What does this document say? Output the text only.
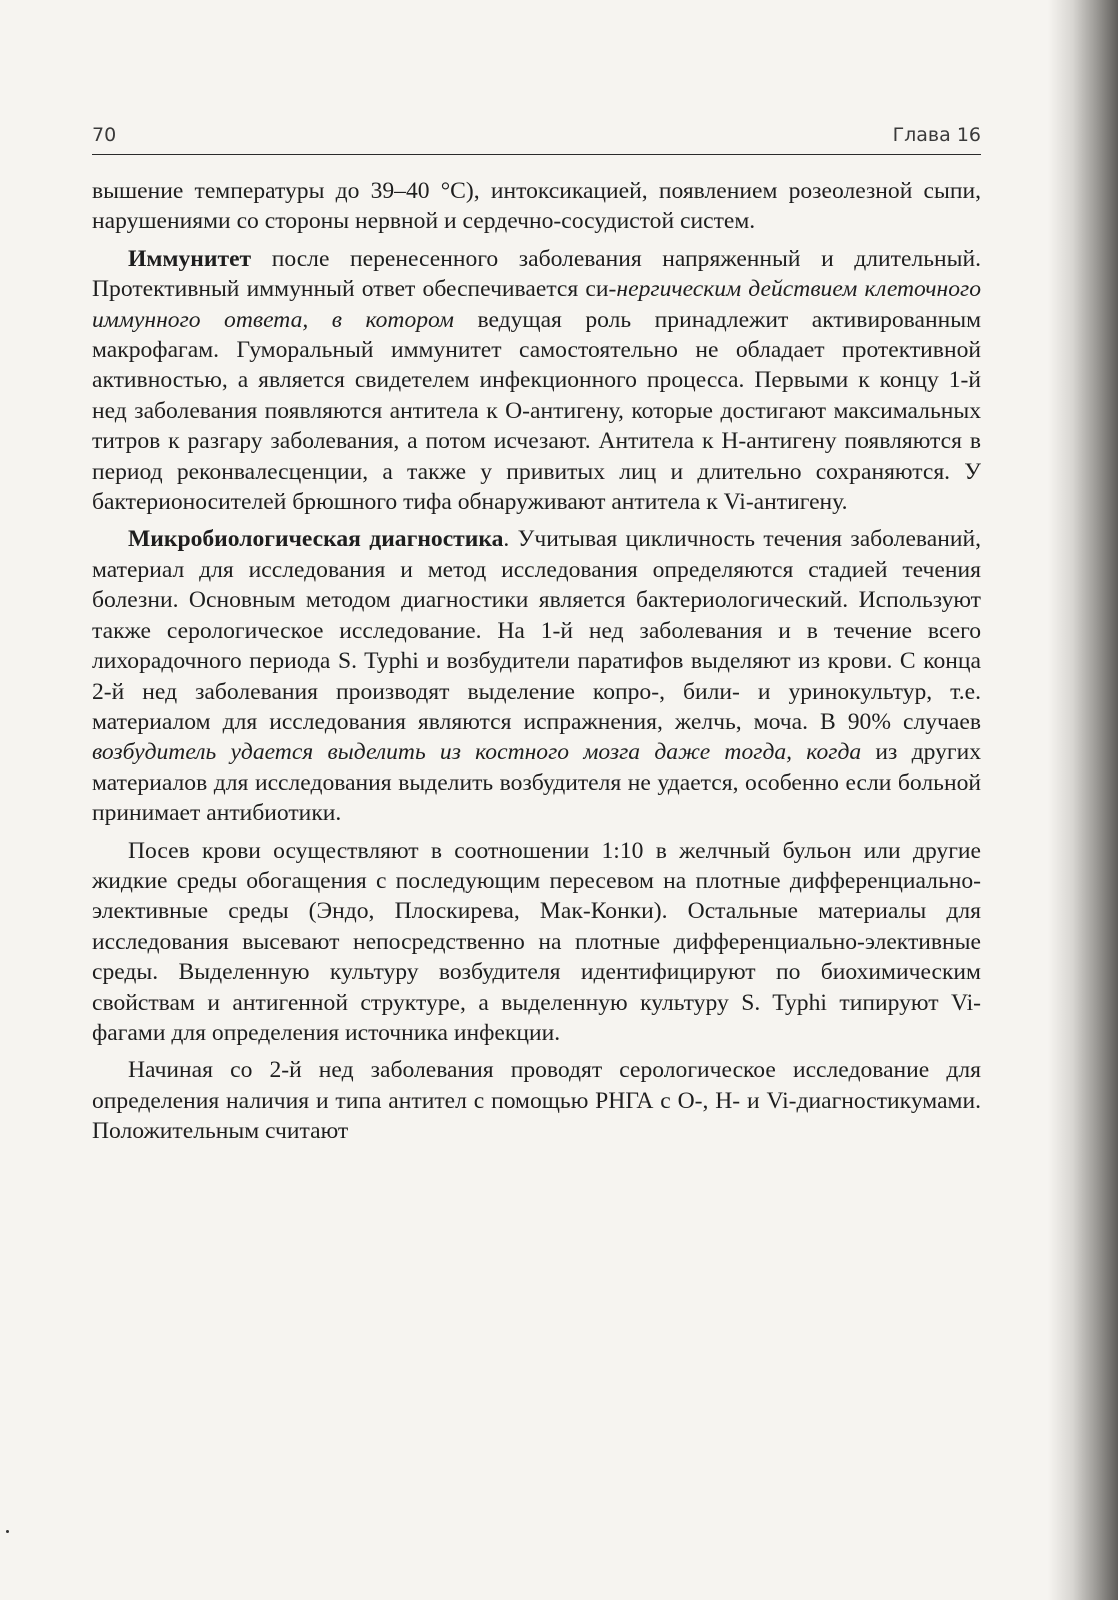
70	Глава 16

вышение температуры до 39–40 °C), интоксикацией, появлением розеолезной сыпи, нарушениями со стороны нервной и сердечно-сосудистой систем.

Иммунитет после перенесенного заболевания напряженный и длительный. Протективный иммунный ответ обеспечивается си-нергическим действием клеточного иммунного ответа, в котором ведущая роль принадлежит активированным макрофагам. Гуморальный иммунитет самостоятельно не обладает протективной активностью, а является свидетелем инфекционного процесса. Первыми к концу 1-й нед заболевания появляются антитела к О-антигену, которые достигают максимальных титров к разгару заболевания, а потом исчезают. Антитела к Н-антигену появляются в период реконвалесценции, а также у привитых лиц и длительно сохраняются. У бактерионосителей брюшного тифа обнаруживают антитела к Vi-антигену.

Микробиологическая диагностика. Учитывая цикличность течения заболеваний, материал для исследования и метод исследования определяются стадией течения болезни. Основным методом диагностики является бактериологический. Используют также серологическое исследование. На 1-й нед заболевания и в течение всего лихорадочного периода S. Typhi и возбудители паратифов выделяют из крови. С конца 2-й нед заболевания производят выделение копро-, били- и уринокультур, т.е. материалом для исследования являются испражнения, желчь, моча. В 90% случаев возбудитель удается выделить из костного мозга даже тогда, когда из других материалов для исследования выделить возбудителя не удается, особенно если больной принимает антибиотики.

Посев крови осуществляют в соотношении 1:10 в желчный бульон или другие жидкие среды обогащения с последующим пересевом на плотные дифференциально-элективные среды (Эндо, Плоскирева, Мак-Конки). Остальные материалы для исследования высевают непосредственно на плотные дифференциально-элективные среды. Выделенную культуру возбудителя идентифицируют по биохимическим свойствам и антигенной структуре, а выделенную культуру S. Typhi типируют Vi-фагами для определения источника инфекции.

Начиная со 2-й нед заболевания проводят серологическое исследование для определения наличия и типа антител с помощью РНГА с О-, Н- и Vi-диагностикумами. Положительным считают
